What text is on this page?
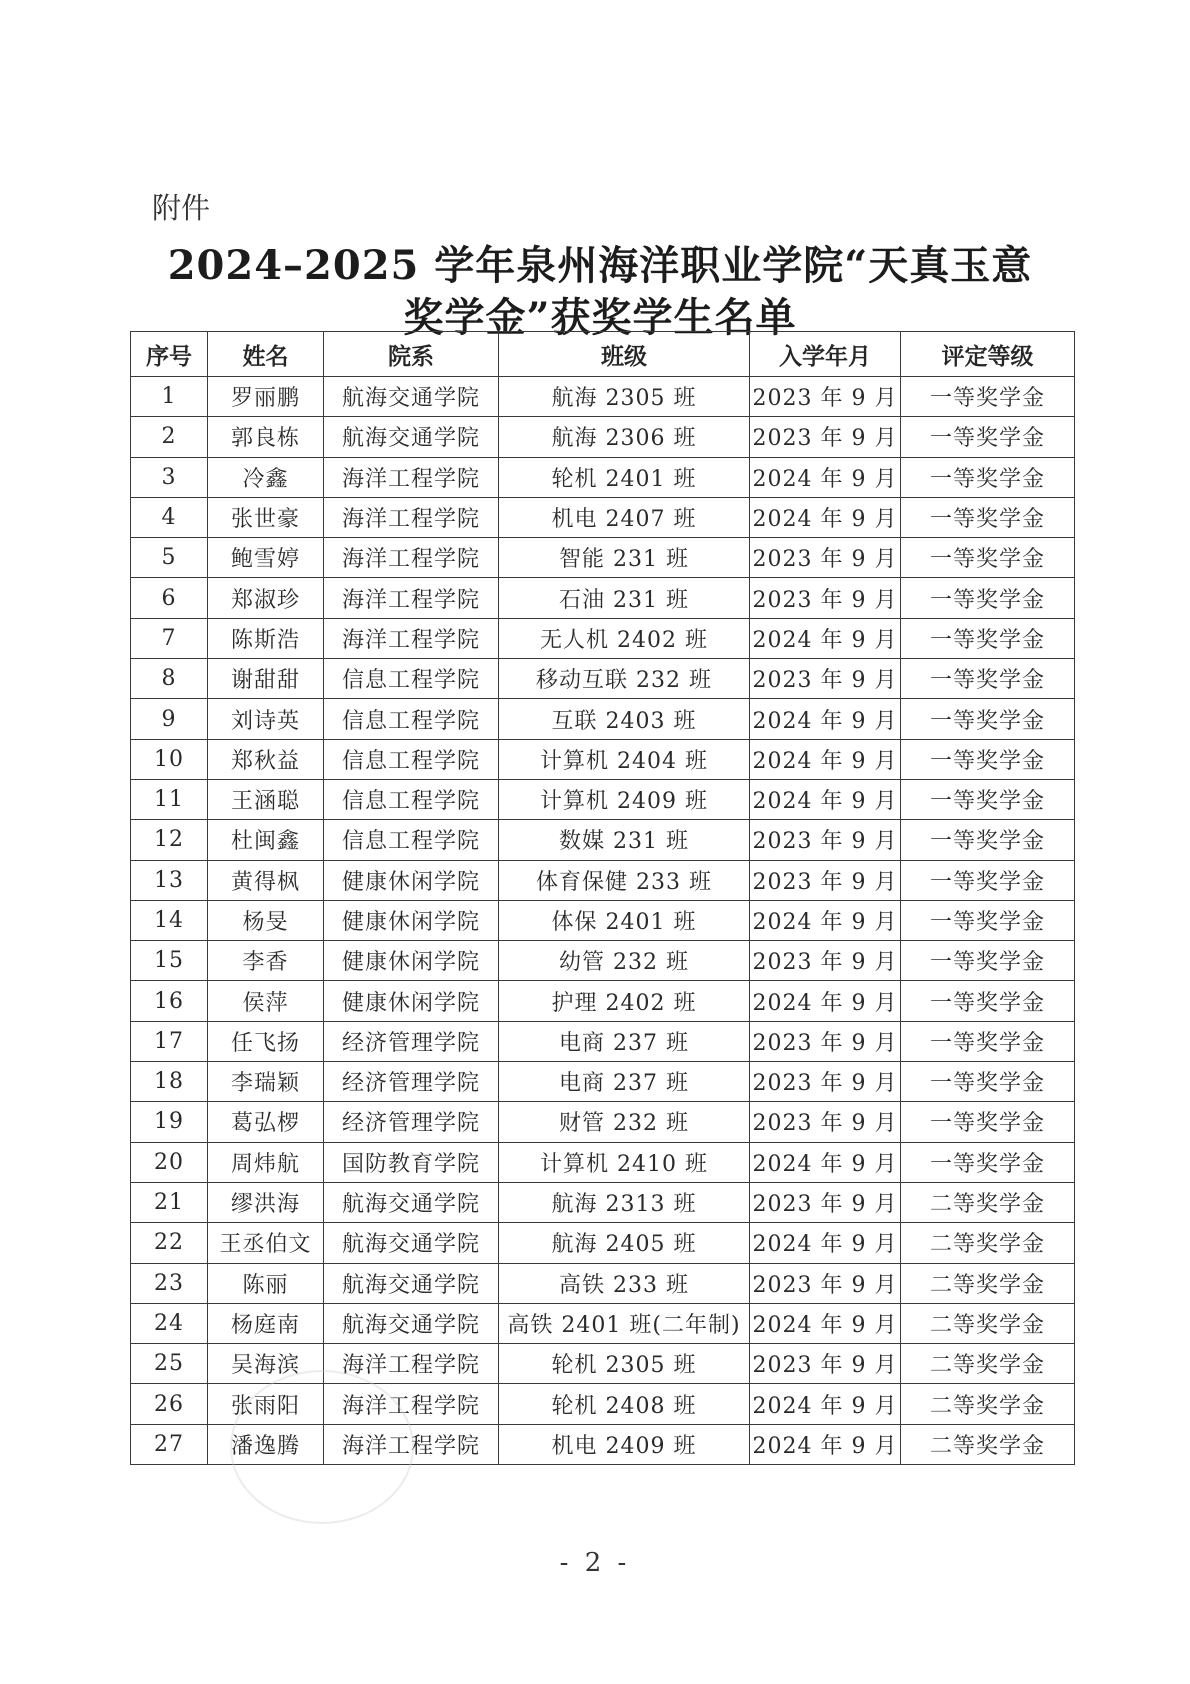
附件
2024–2025 学年泉州海洋职业学院“天真玉意
奖学金”获奖学生名单
序号	姓名	院系	班级	入学年月	评定等级
1	罗丽鹏	航海交通学院	航海 2305 班	2023 年 9 月	一等奖学金
2	郭良栋	航海交通学院	航海 2306 班	2023 年 9 月	一等奖学金
3	冷鑫	海洋工程学院	轮机 2401 班	2024 年 9 月	一等奖学金
4	张世豪	海洋工程学院	机电 2407 班	2024 年 9 月	一等奖学金
5	鲍雪婷	海洋工程学院	智能 231 班	2023 年 9 月	一等奖学金
6	郑淑珍	海洋工程学院	石油 231 班	2023 年 9 月	一等奖学金
7	陈斯浩	海洋工程学院	无人机 2402 班	2024 年 9 月	一等奖学金
8	谢甜甜	信息工程学院	移动互联 232 班	2023 年 9 月	一等奖学金
9	刘诗英	信息工程学院	互联 2403 班	2024 年 9 月	一等奖学金
10	郑秋益	信息工程学院	计算机 2404 班	2024 年 9 月	一等奖学金
11	王涵聪	信息工程学院	计算机 2409 班	2024 年 9 月	一等奖学金
12	杜闽鑫	信息工程学院	数媒 231 班	2023 年 9 月	一等奖学金
13	黄得枫	健康休闲学院	体育保健 233 班	2023 年 9 月	一等奖学金
14	杨旻	健康休闲学院	体保 2401 班	2024 年 9 月	一等奖学金
15	李香	健康休闲学院	幼管 232 班	2023 年 9 月	一等奖学金
16	侯萍	健康休闲学院	护理 2402 班	2024 年 9 月	一等奖学金
17	任飞扬	经济管理学院	电商 237 班	2023 年 9 月	一等奖学金
18	李瑞颖	经济管理学院	电商 237 班	2023 年 9 月	一等奖学金
19	葛弘椤	经济管理学院	财管 232 班	2023 年 9 月	一等奖学金
20	周炜航	国防教育学院	计算机 2410 班	2024 年 9 月	一等奖学金
21	缪洪海	航海交通学院	航海 2313 班	2023 年 9 月	二等奖学金
22	王丞伯文	航海交通学院	航海 2405 班	2024 年 9 月	二等奖学金
23	陈丽	航海交通学院	高铁 233 班	2023 年 9 月	二等奖学金
24	杨庭南	航海交通学院	高铁 2401 班(二年制)	2024 年 9 月	二等奖学金
25	吴海滨	海洋工程学院	轮机 2305 班	2023 年 9 月	二等奖学金
26	张雨阳	海洋工程学院	轮机 2408 班	2024 年 9 月	二等奖学金
27	潘逸腾	海洋工程学院	机电 2409 班	2024 年 9 月	二等奖学金
- 2 -
